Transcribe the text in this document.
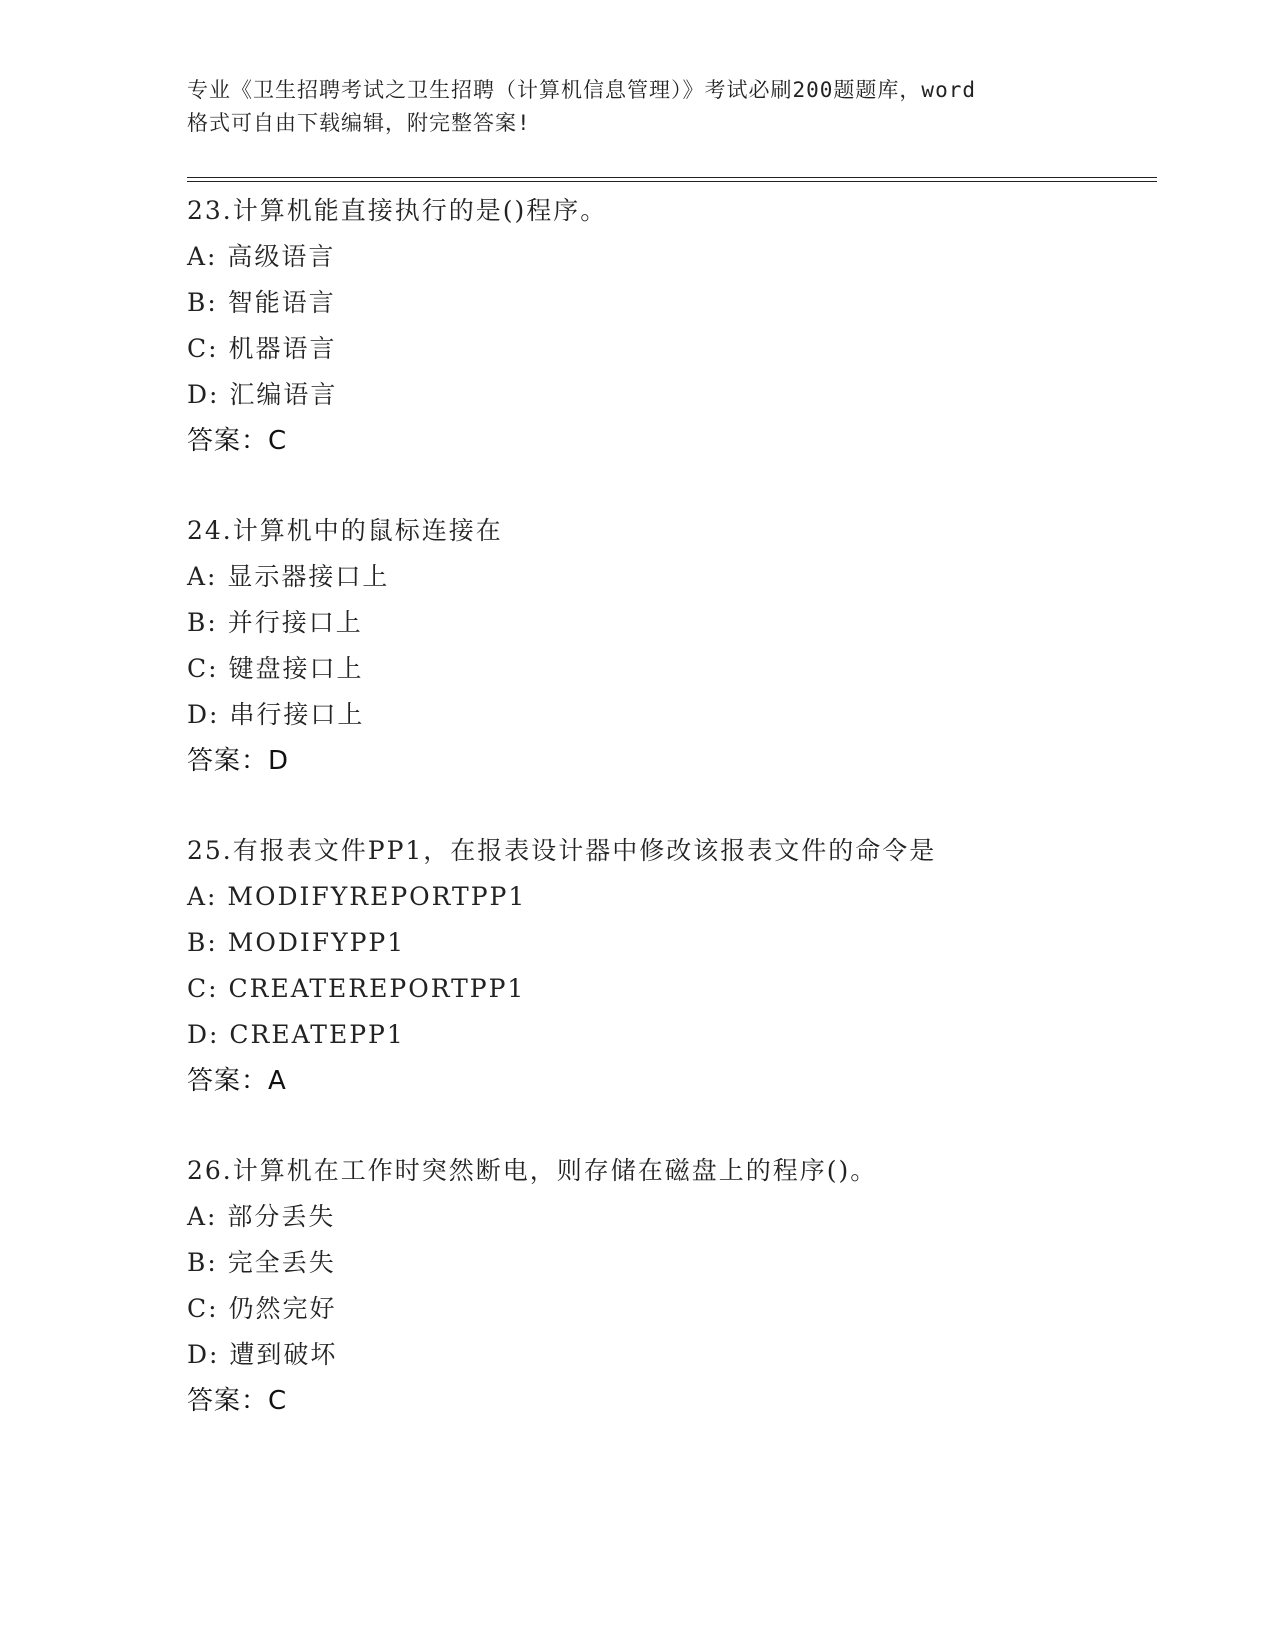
专业《卫生招聘考试之卫生招聘（计算机信息管理）》考试必刷200题题库，word
格式可自由下载编辑，附完整答案!
23.计算机能直接执行的是()程序。
A: 高级语言
B: 智能语言
C: 机器语言
D: 汇编语言
答案：C
24.计算机中的鼠标连接在
A: 显示器接口上
B: 并行接口上
C: 键盘接口上
D: 串行接口上
答案：D
25.有报表文件PP1，在报表设计器中修改该报表文件的命令是
A: MODIFYREPORTPP1
B: MODIFYPP1
C: CREATEREPORTPP1
D: CREATEPP1
答案：A
26.计算机在工作时突然断电，则存储在磁盘上的程序()。
A: 部分丢失
B: 完全丢失
C: 仍然完好
D: 遭到破坏
答案：C
